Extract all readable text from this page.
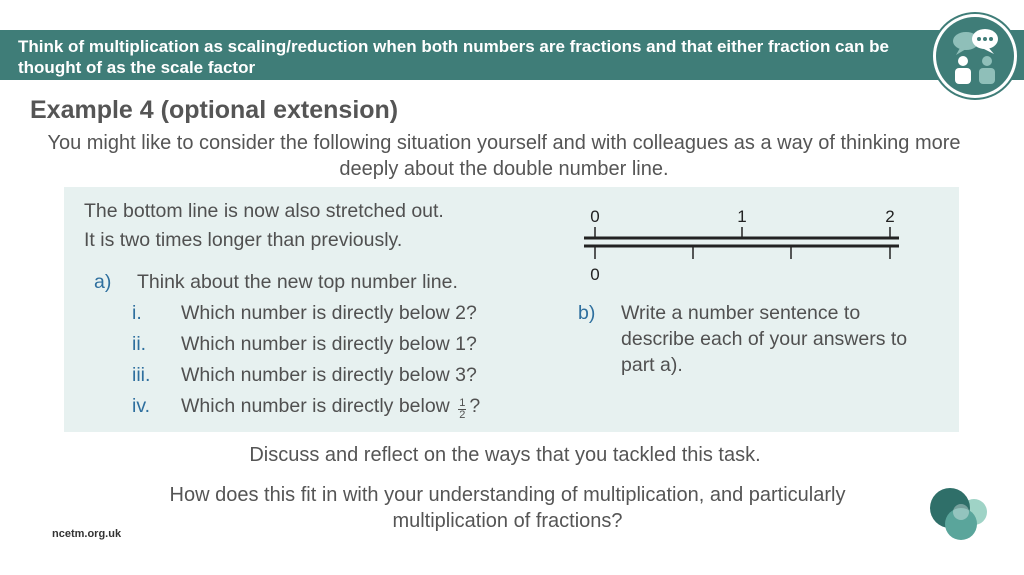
Think of multiplication as scaling/reduction when both numbers are fractions and that either fraction can be thought of as the scale factor

Example 4 (optional extension)

You might like to consider the following situation yourself and with colleagues as a way of thinking more deeply about the double number line.

The bottom line is now also stretched out.

It is two times longer than previously.

a) Think about the new top number line.
i. Which number is directly below 2?
ii. Which number is directly below 1?
iii. Which number is directly below 3?
iv. Which number is directly below $\frac{1}{2}$ ?
0	1	2
0
b) Write a number sentence to describe each of your answers to part a).

Discuss and reflect on the ways that you tackled this task.

How does this fit in with your understanding of multiplication, and particularly multiplication of fractions?

ncetm.org.uk
